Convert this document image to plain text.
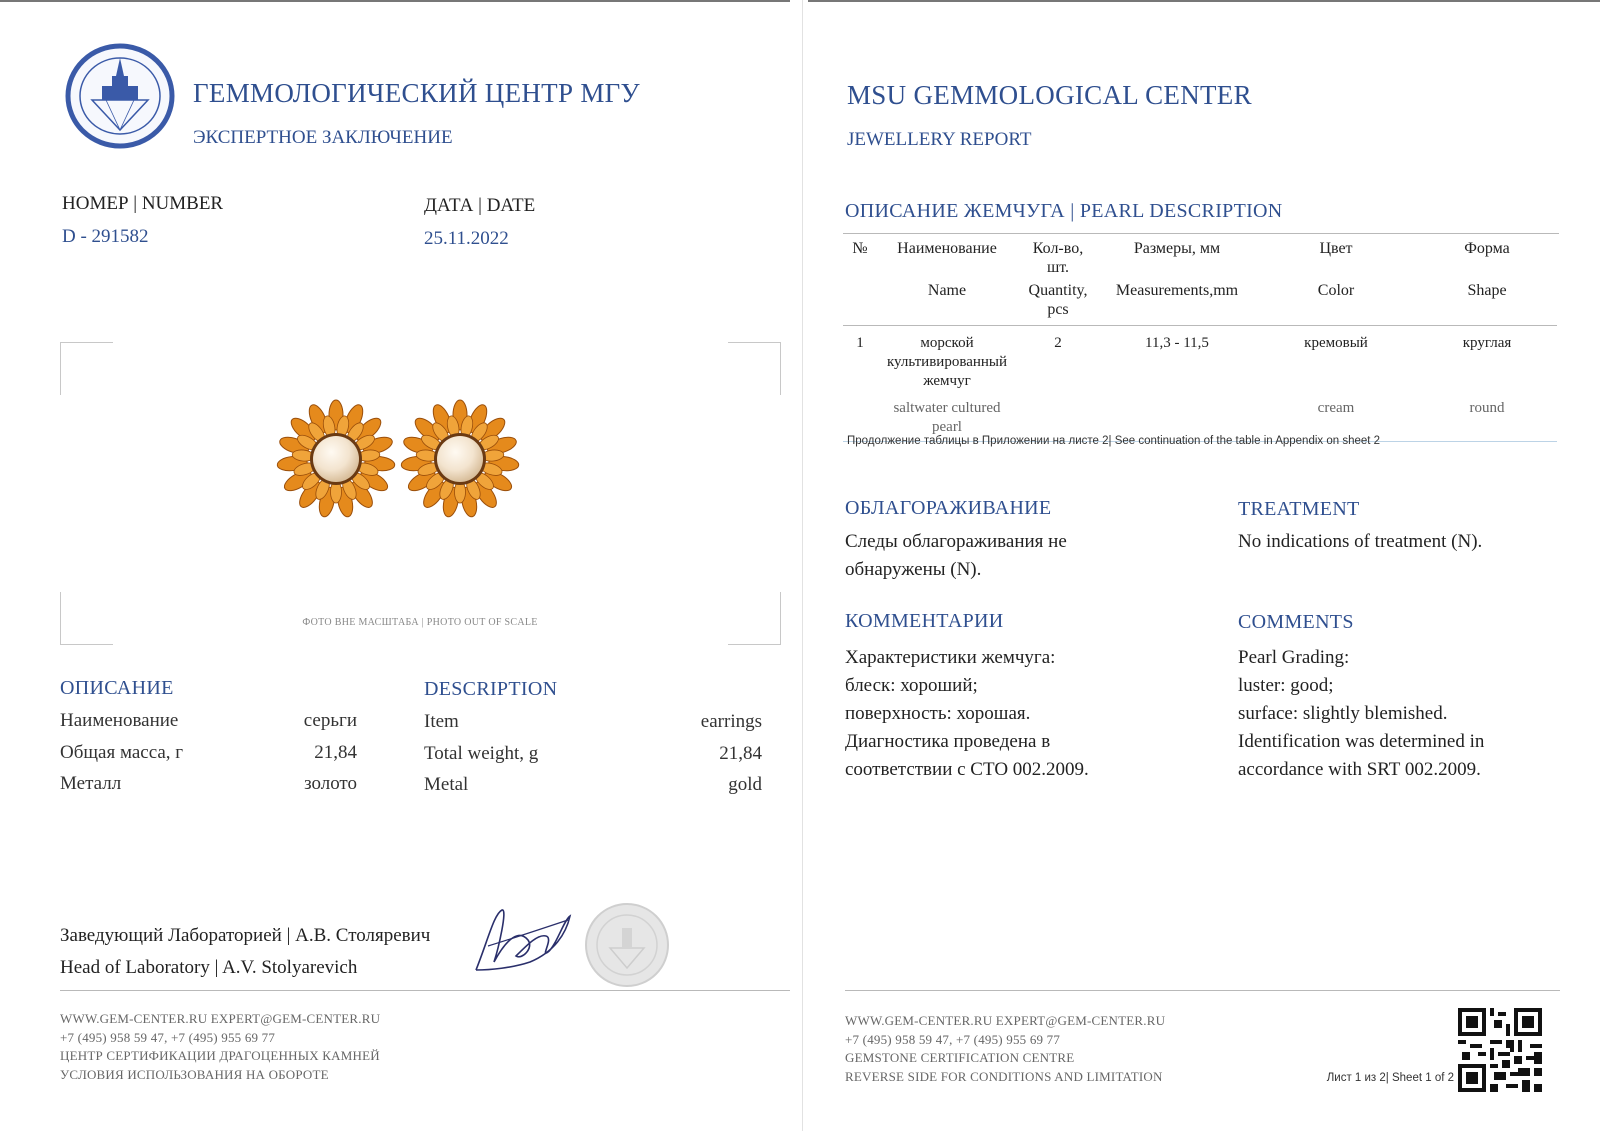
ГЕММОЛОГИЧЕСКИЙ ЦЕНТР МГУ
ЭКСПЕРТНОЕ ЗАКЛЮЧЕНИЕ
НОМЕР | NUMBER
D - 291582
ДАТА | DATE
25.11.2022
ФОТО ВНЕ МАСШТАБА | PHOTO OUT OF SCALE
ОПИСАНИЕ	DESCRIPTION
Наименование	серьги
Общая масса, г	21,84
Металл	золото
Item	earrings
Total weight, g	21,84
Metal	gold
Заведующий Лабораторией | А.В. Столяревич
Head of Laboratory | A.V. Stolyarevich
WWW.GEM-CENTER.RU EXPERT@GEM-CENTER.RU
+7 (495) 958 59 47, +7 (495) 955 69 77
ЦЕНТР СЕРТИФИКАЦИИ ДРАГОЦЕННЫХ КАМНЕЙ
УСЛОВИЯ ИСПОЛЬЗОВАНИЯ НА ОБОРОТЕ
MSU GEMMOLOGICAL CENTER
JEWELLERY REPORT
ОПИСАНИЕ ЖЕМЧУГА | PEARL DESCRIPTION
№	Наименование	Кол-во, шт.	Размеры, мм	Цвет	Форма
	Name	Quantity, pcs	Measurements,mm	Color	Shape
1	морской культивированный жемчуг	2	11,3 - 11,5	кремовый	круглая
	saltwater cultured pearl			cream	round
Продолжение таблицы в Приложении на листе 2| See continuation of the table in Appendix on sheet 2
ОБЛАГОРАЖИВАНИЕ
Следы облагораживания не обнаружены (N).
TREATMENT
No indications of treatment (N).
КОММЕНТАРИИ
Характеристики жемчуга:
блеск: хороший;
поверхность: хорошая.
Диагностика проведена в
соответствии с СТО 002.2009.
COMMENTS
Pearl Grading:
luster: good;
surface: slightly blemished.
Identification was determined in
accordance with SRT 002.2009.
WWW.GEM-CENTER.RU EXPERT@GEM-CENTER.RU
+7 (495) 958 59 47, +7 (495) 955 69 77
GEMSTONE CERTIFICATION CENTRE
REVERSE SIDE FOR CONDITIONS AND LIMITATION	Лист 1 из 2| Sheet 1 of 2
